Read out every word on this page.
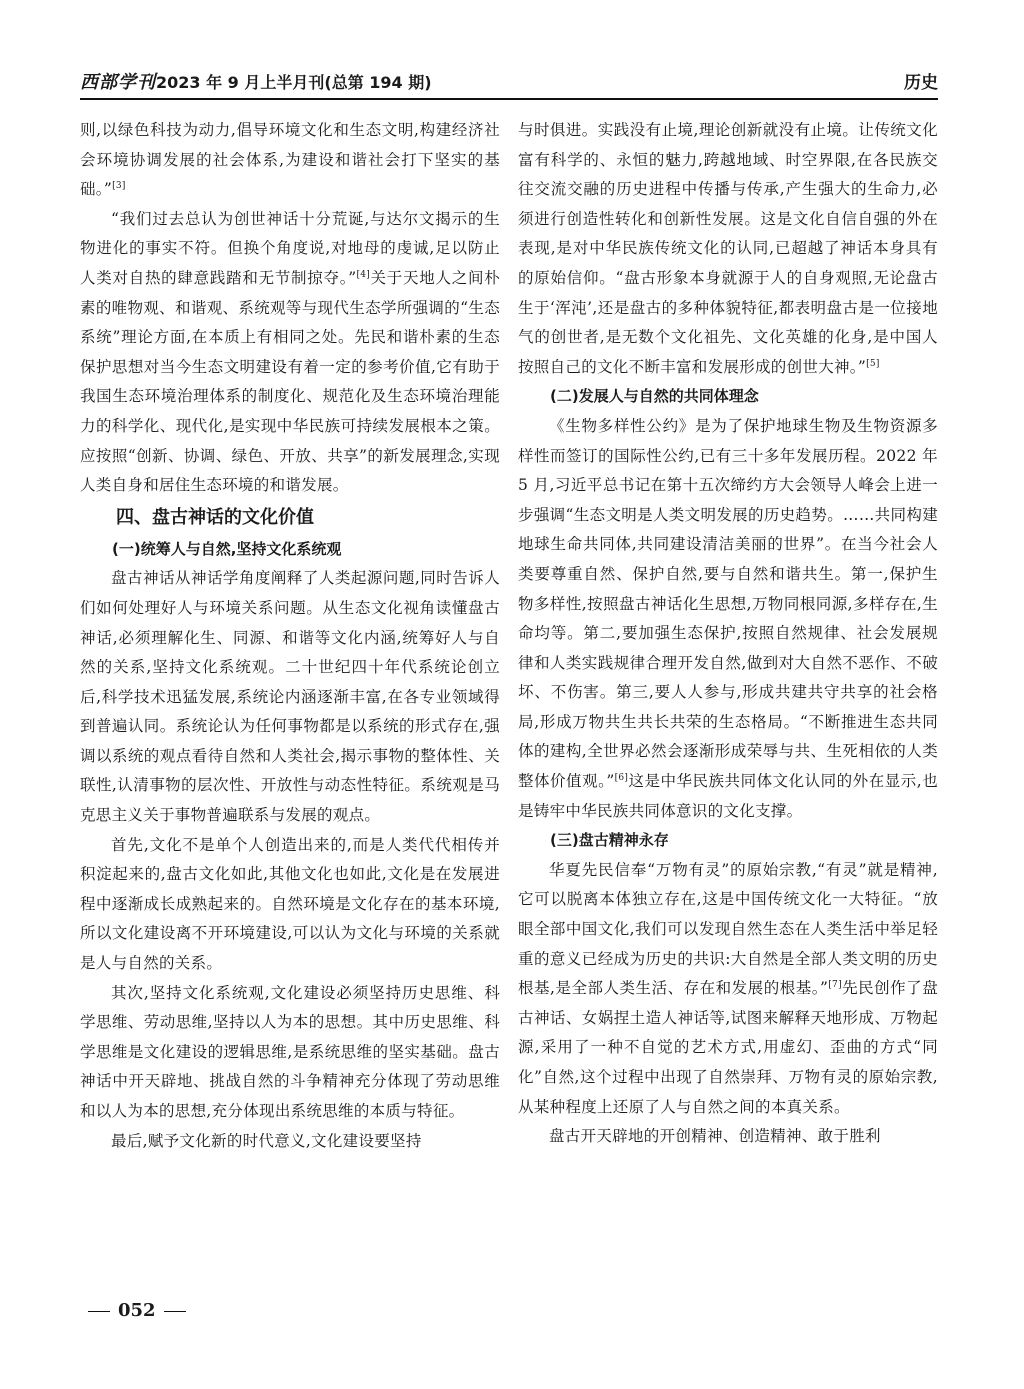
西部学刊2023 年 9 月上半月刊(总第 194 期)	历史

则,以绿色科技为动力,倡导环境文化和生态文明,构建经济社会环境协调发展的社会体系,为建设和谐社会打下坚实的基础。”[3]

“我们过去总认为创世神话十分荒诞,与达尔文揭示的生物进化的事实不符。但换个角度说,对地母的虔诚,足以防止人类对自热的肆意践踏和无节制掠夺。”[4]关于天地人之间朴素的唯物观、和谐观、系统观等与现代生态学所强调的“生态系统”理论方面,在本质上有相同之处。先民和谐朴素的生态保护思想对当今生态文明建设有着一定的参考价值,它有助于我国生态环境治理体系的制度化、规范化及生态环境治理能力的科学化、现代化,是实现中华民族可持续发展根本之策。应按照“创新、协调、绿色、开放、共享”的新发展理念,实现人类自身和居住生态环境的和谐发展。

四、盘古神话的文化价值
(一)统筹人与自然,坚持文化系统观

盘古神话从神话学角度阐释了人类起源问题,同时告诉人们如何处理好人与环境关系问题。从生态文化视角读懂盘古神话,必须理解化生、同源、和谐等文化内涵,统筹好人与自然的关系,坚持文化系统观。二十世纪四十年代系统论创立后,科学技术迅猛发展,系统论内涵逐渐丰富,在各专业领域得到普遍认同。系统论认为任何事物都是以系统的形式存在,强调以系统的观点看待自然和人类社会,揭示事物的整体性、关联性,认清事物的层次性、开放性与动态性特征。系统观是马克思主义关于事物普遍联系与发展的观点。

首先,文化不是单个人创造出来的,而是人类代代相传并积淀起来的,盘古文化如此,其他文化也如此,文化是在发展进程中逐渐成长成熟起来的。自然环境是文化存在的基本环境,所以文化建设离不开环境建设,可以认为文化与环境的关系就是人与自然的关系。

其次,坚持文化系统观,文化建设必须坚持历史思维、科学思维、劳动思维,坚持以人为本的思想。其中历史思维、科学思维是文化建设的逻辑思维,是系统思维的坚实基础。盘古神话中开天辟地、挑战自然的斗争精神充分体现了劳动思维和以人为本的思想,充分体现出系统思维的本质与特征。

最后,赋予文化新的时代意义,文化建设要坚持

与时俱进。实践没有止境,理论创新就没有止境。让传统文化富有科学的、永恒的魅力,跨越地域、时空界限,在各民族交往交流交融的历史进程中传播与传承,产生强大的生命力,必须进行创造性转化和创新性发展。这是文化自信自强的外在表现,是对中华民族传统文化的认同,已超越了神话本身具有的原始信仰。“盘古形象本身就源于人的自身观照,无论盘古生于‘浑沌’,还是盘古的多种体貌特征,都表明盘古是一位接地气的创世者,是无数个文化祖先、文化英雄的化身,是中国人按照自己的文化不断丰富和发展形成的创世大神。”[5]

(二)发展人与自然的共同体理念

《生物多样性公约》是为了保护地球生物及生物资源多样性而签订的国际性公约,已有三十多年发展历程。2022 年 5 月,习近平总书记在第十五次缔约方大会领导人峰会上进一步强调“生态文明是人类文明发展的历史趋势。……共同构建地球生命共同体,共同建设清洁美丽的世界”。在当今社会人类要尊重自然、保护自然,要与自然和谐共生。第一,保护生物多样性,按照盘古神话化生思想,万物同根同源,多样存在,生命均等。第二,要加强生态保护,按照自然规律、社会发展规律和人类实践规律合理开发自然,做到对大自然不恶作、不破坏、不伤害。第三,要人人参与,形成共建共守共享的社会格局,形成万物共生共长共荣的生态格局。“不断推进生态共同体的建构,全世界必然会逐渐形成荣辱与共、生死相依的人类整体价值观。”[6]这是中华民族共同体文化认同的外在显示,也是铸牢中华民族共同体意识的文化支撑。

(三)盘古精神永存

华夏先民信奉“万物有灵”的原始宗教,“有灵”就是精神,它可以脱离本体独立存在,这是中国传统文化一大特征。“放眼全部中国文化,我们可以发现自然生态在人类生活中举足轻重的意义已经成为历史的共识:大自然是全部人类文明的历史根基,是全部人类生活、存在和发展的根基。”[7]先民创作了盘古神话、女娲捏土造人神话等,试图来解释天地形成、万物起源,采用了一种不自觉的艺术方式,用虚幻、歪曲的方式“同化”自然,这个过程中出现了自然崇拜、万物有灵的原始宗教,从某种程度上还原了人与自然之间的本真关系。

盘古开天辟地的开创精神、创造精神、敢于胜利

052
